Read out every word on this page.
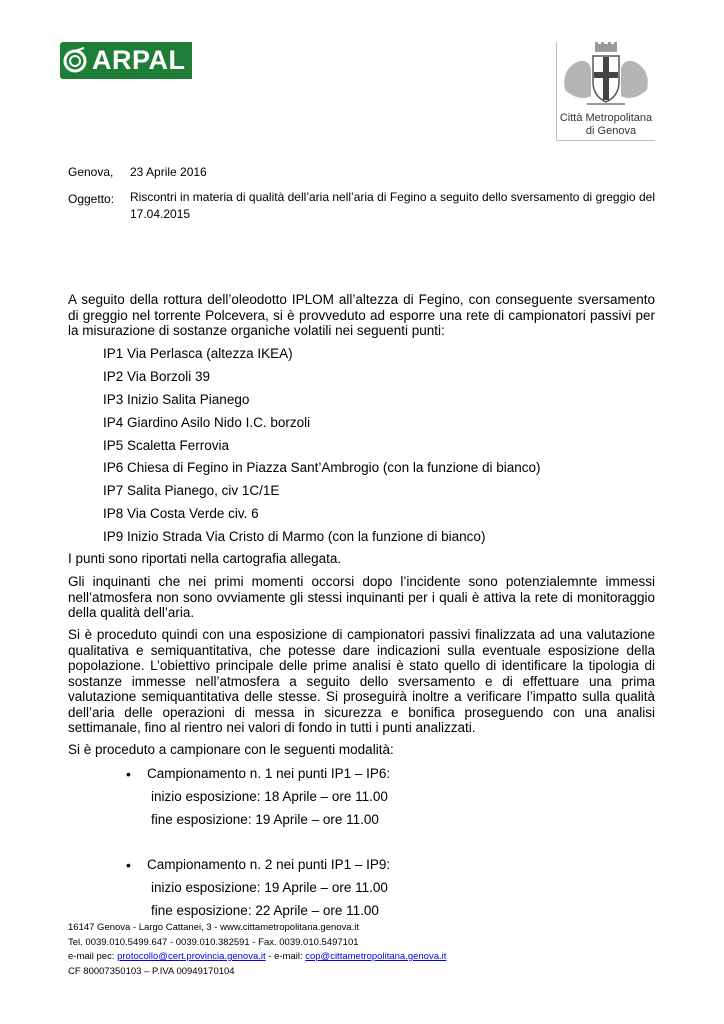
ARPAL
Città Metropolitana
di Genova
Genova, 23 Aprile 2016
Oggetto: Riscontri in materia di qualità dell’aria nell’aria di Fegino a seguito dello sversamento di greggio del 17.04.2015

A seguito della rottura dell’oleodotto IPLOM all’altezza di Fegino, con conseguente sversamento di greggio nel torrente Polcevera, si è provveduto ad esporre una rete di campionatori passivi per la misurazione di sostanze organiche volatili nei seguenti punti:

IP1 Via Perlasca (altezza IKEA)
IP2 Via Borzoli 39
IP3 Inizio Salita Pianego
IP4 Giardino Asilo Nido I.C. borzoli
IP5 Scaletta Ferrovia
IP6 Chiesa di Fegino in Piazza Sant’Ambrogio (con la funzione di bianco)
IP7 Salita Pianego, civ 1C/1E
IP8 Via Costa Verde civ. 6
IP9 Inizio Strada Via Cristo di Marmo (con la funzione di bianco)

I punti sono riportati nella cartografia allegata.

Gli inquinanti che nei primi momenti occorsi dopo l’incidente sono potenzialemnte immessi nell’atmosfera non sono ovviamente gli stessi inquinanti per i quali è attiva la rete di monitoraggio della qualità dell’aria.

Si è proceduto quindi con una esposizione di campionatori passivi finalizzata ad una valutazione qualitativa e semiquantitativa, che potesse dare indicazioni sulla eventuale esposizione della popolazione. L’obiettivo principale delle prime analisi è stato quello di identificare la tipologia di sostanze immesse nell’atmosfera a seguito dello sversamento e di effettuare una prima valutazione semiquantitativa delle stesse. Si proseguirà inoltre a verificare l’impatto sulla qualità dell’aria delle operazioni di messa in sicurezza e bonifica proseguendo con una analisi settimanale, fino al rientro nei valori di fondo in tutti i punti analizzati.

Si è proceduto a campionare con le seguenti modalità:

• Campionamento n. 1 nei punti IP1 – IP6:
inizio esposizione: 18 Aprile – ore 11.00
fine esposizione: 19 Aprile – ore 11.00
• Campionamento n. 2 nei punti IP1 – IP9:
inizio esposizione: 19 Aprile – ore 11.00
fine esposizione: 22 Aprile – ore 11.00
16147 Genova - Largo Cattanei, 3 - www.cittametropolitana.genova.it
Tel. 0039.010.5499.647 - 0039.010.382591 - Fax. 0039.010.5497101
e-mail pec: protocollo@cert.provincia.genova.it - e-mail: cop@cittametropolitana.genova.it
CF 80007350103 – P.IVA 00949170104
